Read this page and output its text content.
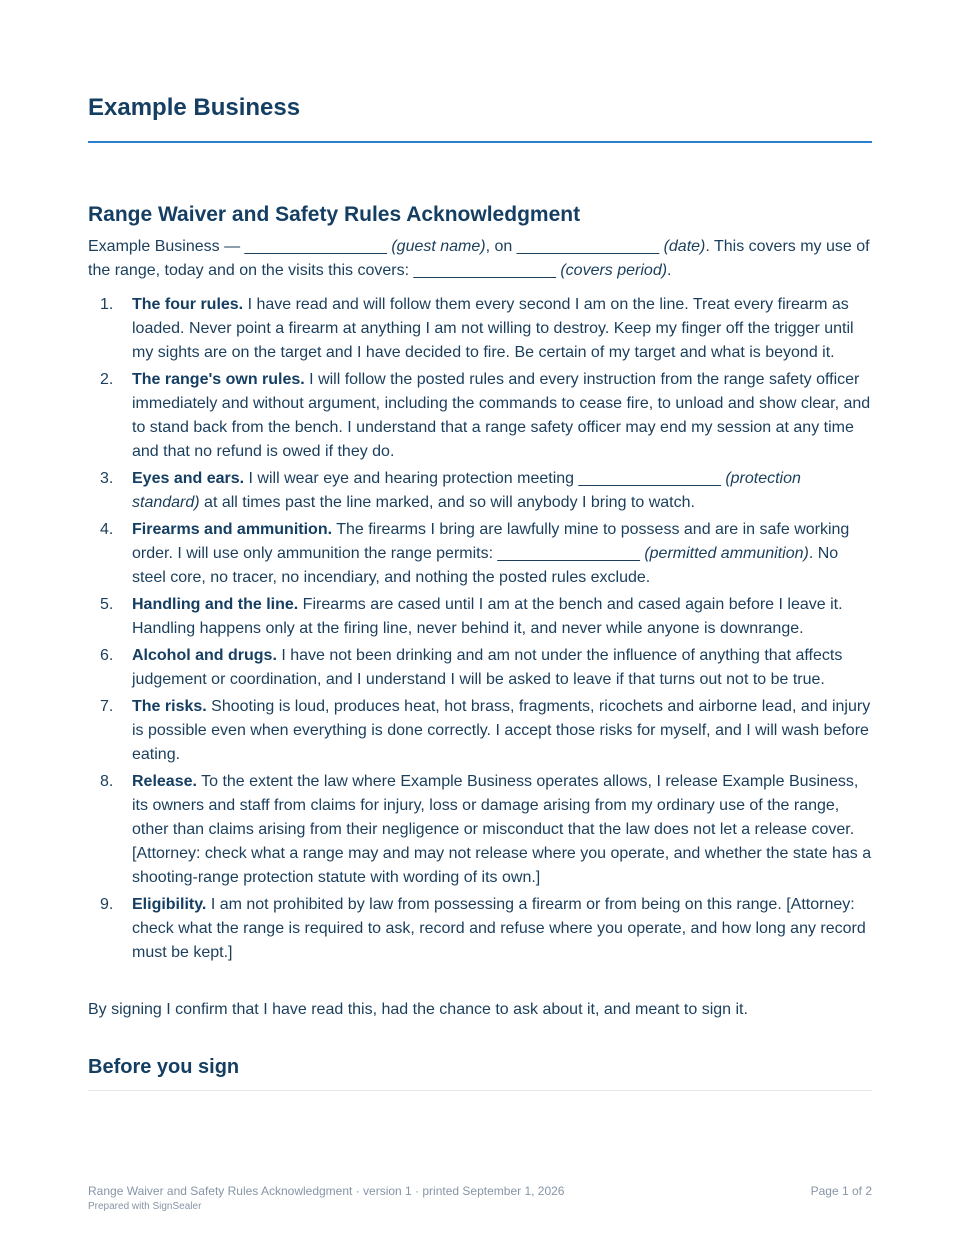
Example Business
Range Waiver and Safety Rules Acknowledgment

Example Business — ________________ (guest name), on ________________ (date). This covers my use of the range, today and on the visits this covers: ________________ (covers period).

1. The four rules. I have read and will follow them every second I am on the line. Treat every firearm as loaded. Never point a firearm at anything I am not willing to destroy. Keep my finger off the trigger until my sights are on the target and I have decided to fire. Be certain of my target and what is beyond it.
2. The range's own rules. I will follow the posted rules and every instruction from the range safety officer immediately and without argument, including the commands to cease fire, to unload and show clear, and to stand back from the bench. I understand that a range safety officer may end my session at any time and that no refund is owed if they do.
3. Eyes and ears. I will wear eye and hearing protection meeting ________________ (protection standard) at all times past the line marked, and so will anybody I bring to watch.
4. Firearms and ammunition. The firearms I bring are lawfully mine to possess and are in safe working order. I will use only ammunition the range permits: ________________ (permitted ammunition). No steel core, no tracer, no incendiary, and nothing the posted rules exclude.
5. Handling and the line. Firearms are cased until I am at the bench and cased again before I leave it. Handling happens only at the firing line, never behind it, and never while anyone is downrange.
6. Alcohol and drugs. I have not been drinking and am not under the influence of anything that affects judgement or coordination, and I understand I will be asked to leave if that turns out not to be true.
7. The risks. Shooting is loud, produces heat, hot brass, fragments, ricochets and airborne lead, and injury is possible even when everything is done correctly. I accept those risks for myself, and I will wash before eating.
8. Release. To the extent the law where Example Business operates allows, I release Example Business, its owners and staff from claims for injury, loss or damage arising from my ordinary use of the range, other than claims arising from their negligence or misconduct that the law does not let a release cover. [Attorney: check what a range may and may not release where you operate, and whether the state has a shooting-range protection statute with wording of its own.]
9. Eligibility. I am not prohibited by law from possessing a firearm or from being on this range. [Attorney: check what the range is required to ask, record and refuse where you operate, and how long any record must be kept.]

By signing I confirm that I have read this, had the chance to ask about it, and meant to sign it.

Before you sign
Range Waiver and Safety Rules Acknowledgment · version 1 · printed September 1, 2026	Page 1 of 2
Prepared with SignSealer
